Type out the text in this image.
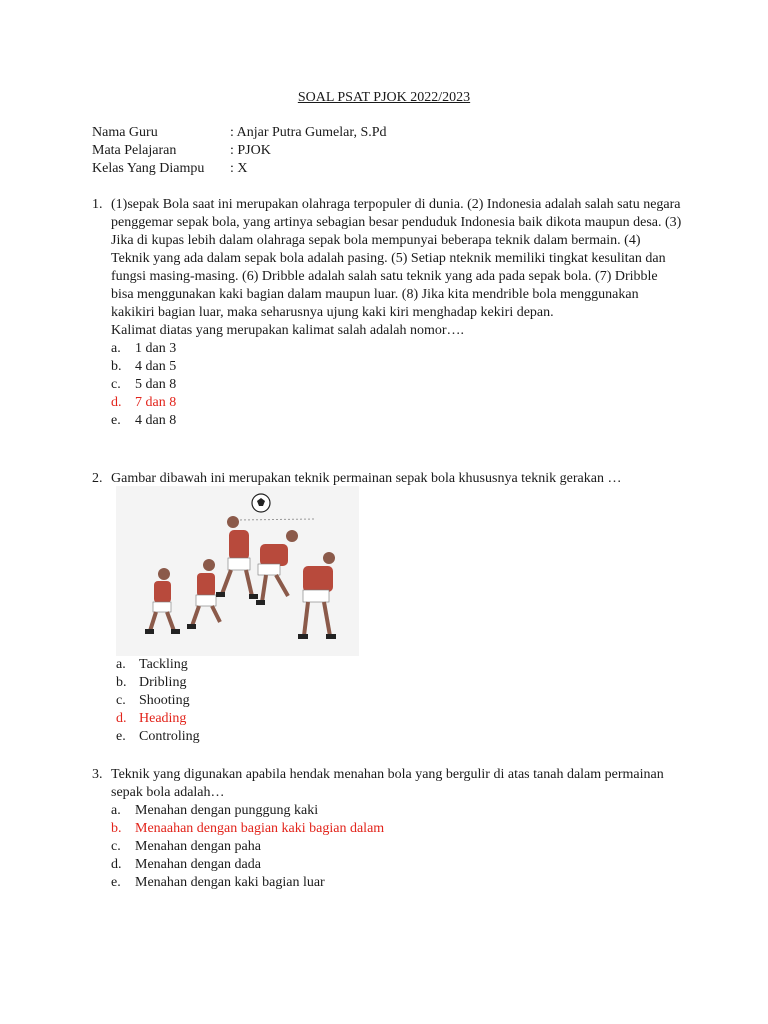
SOAL PSAT PJOK 2022/2023
Nama Guru	: Anjar Putra Gumelar, S.Pd
Mata Pelajaran	: PJOK
Kelas Yang Diampu	: X
1. (1)sepak Bola saat ini merupakan olahraga terpopuler di dunia. (2) Indonesia adalah salah satu negara penggemar sepak bola, yang artinya sebagian besar penduduk Indonesia baik dikota maupun desa. (3) Jika di kupas lebih dalam olahraga sepak bola mempunyai beberapa teknik dalam bermain. (4) Teknik yang ada dalam sepak bola adalah pasing. (5) Setiap nteknik memiliki tingkat kesulitan dan fungsi masing-masing. (6) Dribble adalah salah satu teknik yang ada pada sepak bola. (7) Dribble bisa menggunakan kaki bagian dalam maupun luar. (8) Jika kita mendrible bola menggunakan kakikiri bagian luar, maka seharusnya ujung kaki kiri menghadap kekiri depan.

Kalimat diatas yang merupakan kalimat salah adalah nomor….

a.	1 dan 3
b. 4 dan 5
c.	5 dan 8
d. 7 dan 8
e.	4 dan 8
2. Gambar dibawah ini merupakan teknik permainan sepak bola khususnya teknik gerakan …

a. Tackling
b. Dribling
c. Shooting
d. Heading
e. Controling
3. Teknik yang digunakan apabila hendak menahan bola yang bergulir di atas tanah dalam permainan sepak bola adalah…

a.	Menahan dengan punggung kaki
b. Menaahan dengan bagian kaki bagian dalam
c.	Menahan dengan paha
d. Menahan dengan dada
e.	Menahan dengan kaki bagian luar
